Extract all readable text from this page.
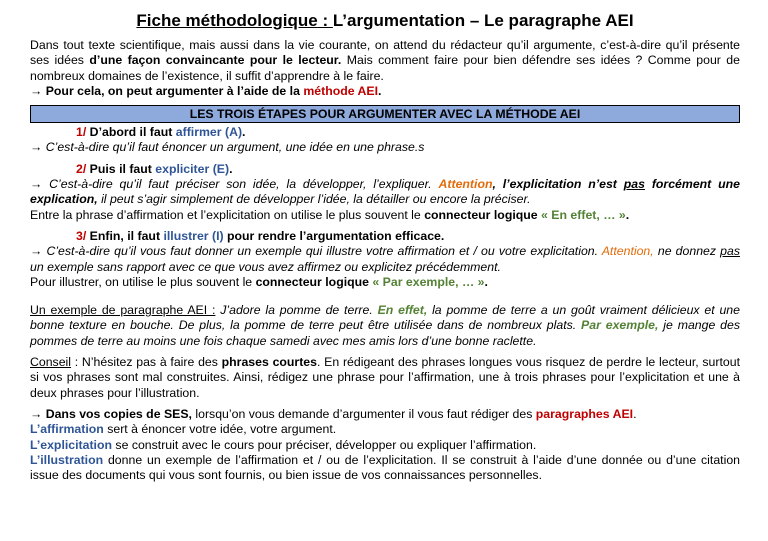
Fiche méthodologique : L’argumentation – Le paragraphe AEI

Dans tout texte scientifique, mais aussi dans la vie courante, on attend du rédacteur qu’il argumente, c’est-à-dire qu’il présente ses idées d’une façon convaincante pour le lecteur. Mais comment faire pour bien défendre ses idées ? Comme pour de nombreux domaines de l’existence, il suffit d’apprendre à le faire.
→ Pour cela, on peut argumenter à l’aide de la méthode AEI.

LES TROIS ÉTAPES POUR ARGUMENTER AVEC LA MÉTHODE AEI

1/ D’abord il faut affirmer (A).

→ C’est-à-dire qu’il faut énoncer un argument, une idée en une phrase.s

2/ Puis il faut expliciter (E).

→ C’est-à-dire qu’il faut préciser son idée, la développer, l’expliquer. Attention, l’explicitation n’est pas forcément une explication, il peut s’agir simplement de développer l’idée, la détailler ou encore la préciser.

Entre la phrase d’affirmation et l’explicitation on utilise le plus souvent le connecteur logique « En effet, … ».

3/ Enfin, il faut illustrer (I) pour rendre l’argumentation efficace.

→ C’est-à-dire qu’il vous faut donner un exemple qui illustre votre affirmation et / ou votre explicitation. Attention, ne donnez pas un exemple sans rapport avec ce que vous avez affirmez ou explicitez précédemment.

Pour illustrer, on utilise le plus souvent le connecteur logique « Par exemple, … ».

Un exemple de paragraphe AEI : J’adore la pomme de terre. En effet, la pomme de terre a un goût vraiment délicieux et une bonne texture en bouche. De plus, la pomme de terre peut être utilisée dans de nombreux plats. Par exemple, je mange des pommes de terre au moins une fois chaque samedi avec mes amis lors d’une bonne raclette.

Conseil : N’hésitez pas à faire des phrases courtes. En rédigeant des phrases longues vous risquez de perdre le lecteur, surtout si vos phrases sont mal construites. Ainsi, rédigez une phrase pour l’affirmation, une à trois phrases pour l’explicitation et une à deux phrases pour l’illustration.

→ Dans vos copies de SES, lorsqu’on vous demande d’argumenter il vous faut rédiger des paragraphes AEI.
L’affirmation sert à énoncer votre idée, votre argument.
L’explicitation se construit avec le cours pour préciser, développer ou expliquer l’affirmation.
L’illustration donne un exemple de l’affirmation et / ou de l’explicitation. Il se construit à l’aide d’une donnée ou d’une citation issue des documents qui vous sont fournis, ou bien issue de vos connaissances personnelles.
